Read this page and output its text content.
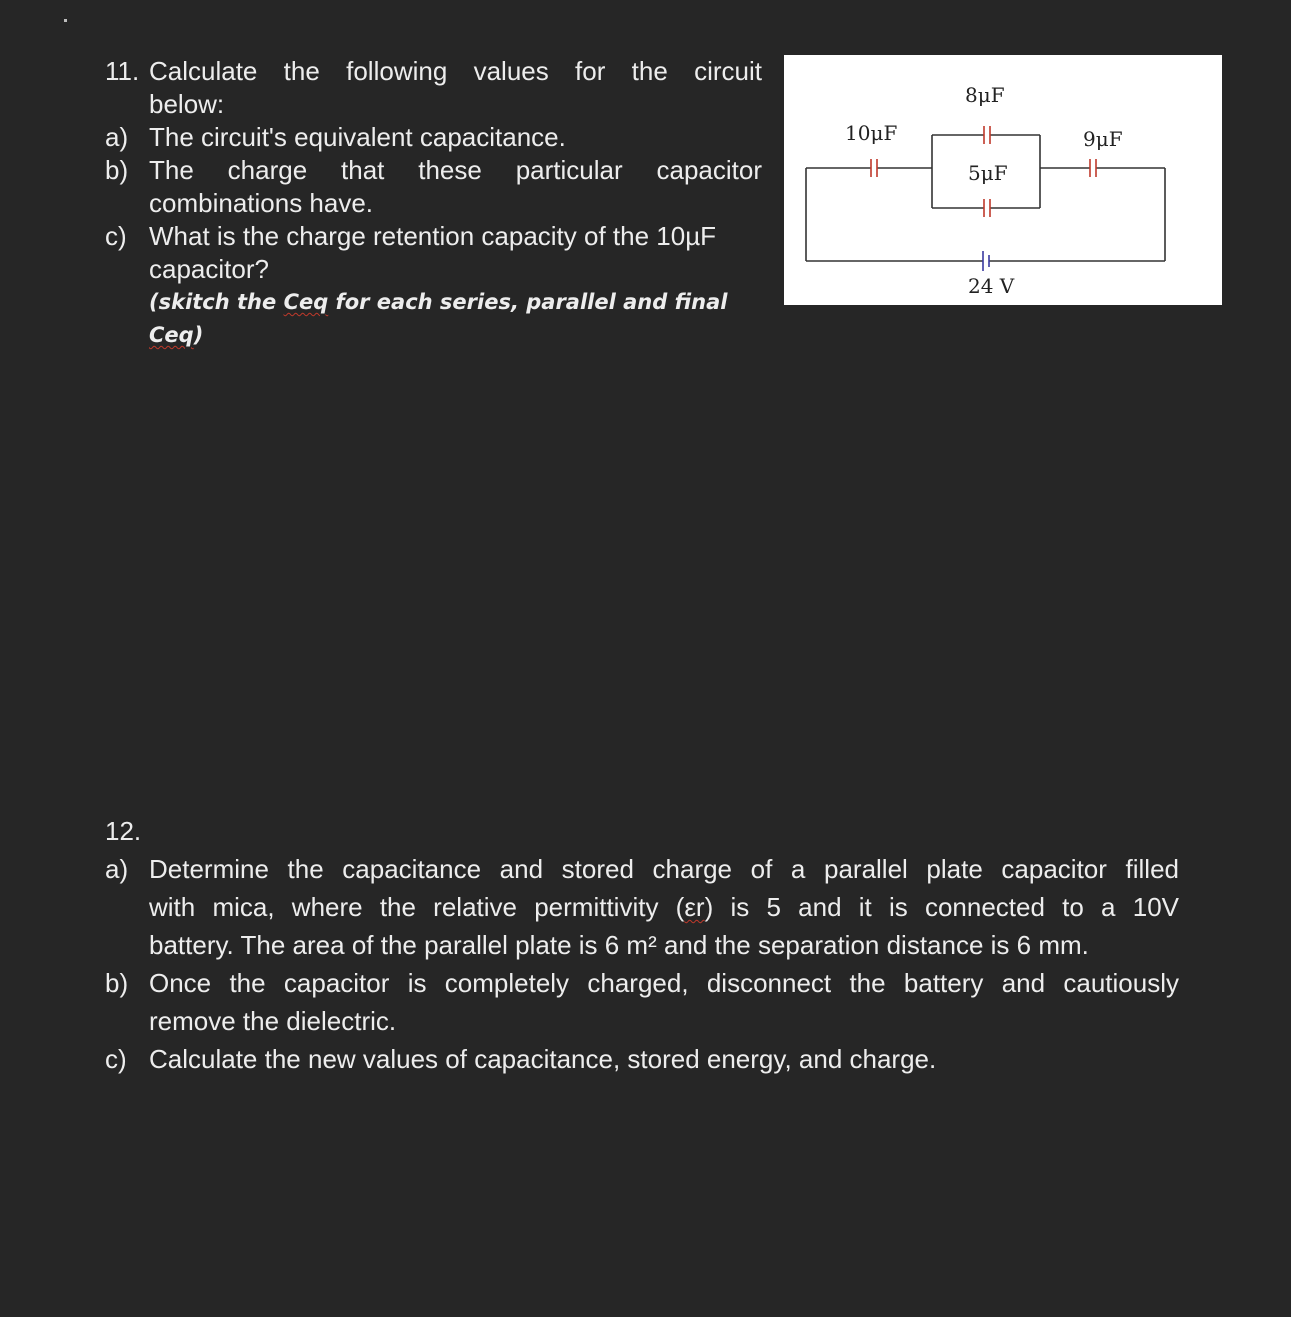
11. Calculate the following values for the circuit
below:
a) The circuit's equivalent capacitance.
b) The charge that these particular capacitor
combinations have.
c) What is the charge retention capacity of the 10µF
capacitor?
(skitch the Ceq for each series, parallel and final Ceq)
10μF
8μF
5μF
9μF
24 V
12.
a) Determine the capacitance and stored charge of a parallel plate capacitor filled
with mica, where the relative permittivity (εr) is 5 and it is connected to a 10V
battery. The area of the parallel plate is 6 m² and the separation distance is 6 mm.
b) Once the capacitor is completely charged, disconnect the battery and cautiously
remove the dielectric.
c) Calculate the new values of capacitance, stored energy, and charge.
